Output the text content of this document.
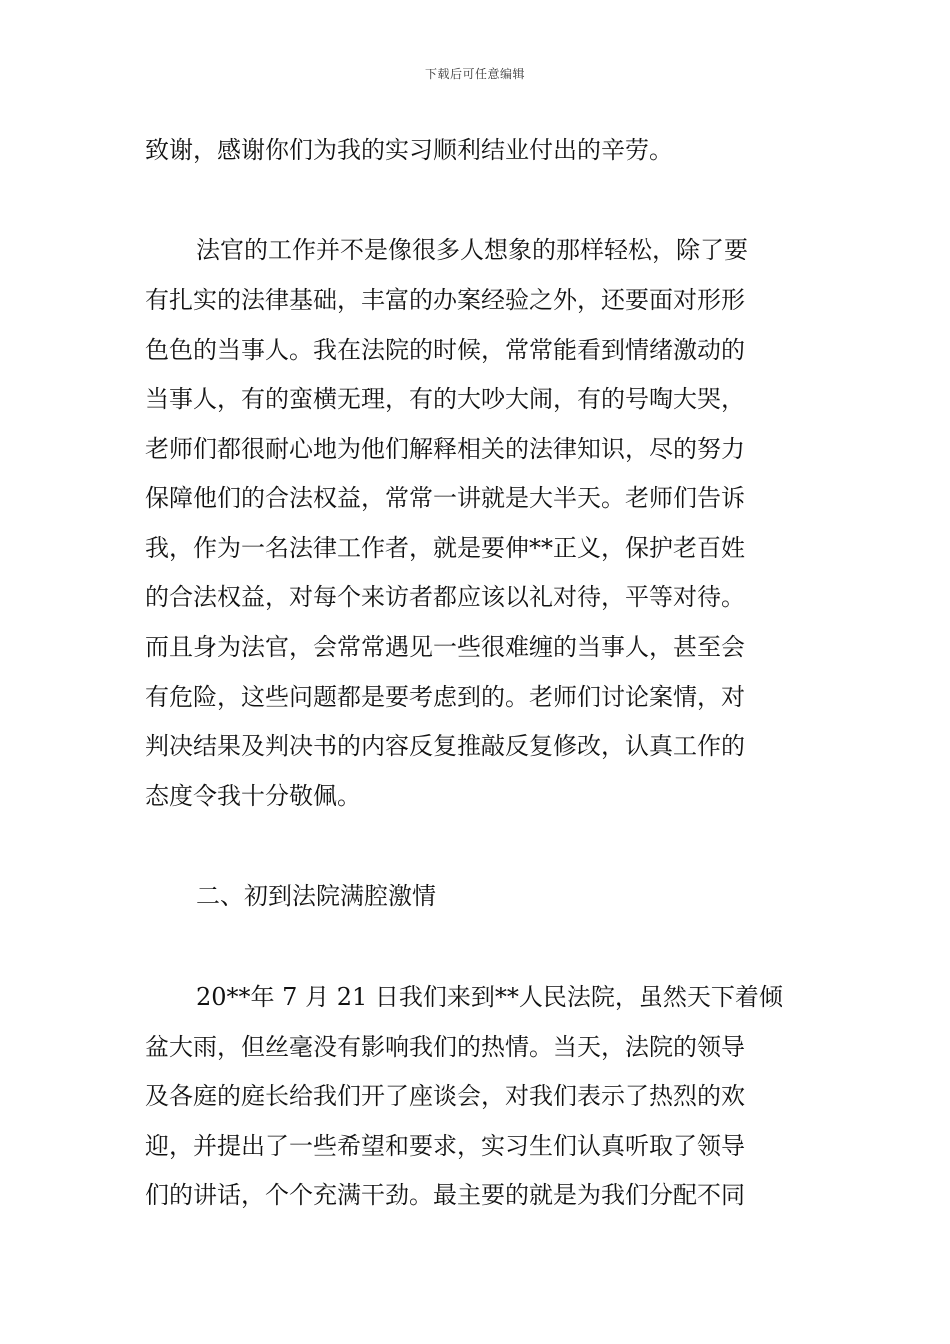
下载后可任意编辑
致谢，感谢你们为我的实习顺利结业付出的辛劳。
法官的工作并不是像很多人想象的那样轻松，除了要
有扎实的法律基础，丰富的办案经验之外，还要面对形形
色色的当事人。我在法院的时候，常常能看到情绪激动的
当事人，有的蛮横无理，有的大吵大闹，有的号啕大哭，
老师们都很耐心地为他们解释相关的法律知识，尽的努力
保障他们的合法权益，常常一讲就是大半天。老师们告诉
我，作为一名法律工作者，就是要伸**正义，保护老百姓
的合法权益，对每个来访者都应该以礼对待，平等对待。
而且身为法官，会常常遇见一些很难缠的当事人，甚至会
有危险，这些问题都是要考虑到的。老师们讨论案情，对
判决结果及判决书的内容反复推敲反复修改，认真工作的
态度令我十分敬佩。
二、初到法院满腔激情
20**年 7 月 21 日我们来到**人民法院，虽然天下着倾
盆大雨，但丝毫没有影响我们的热情。当天，法院的领导
及各庭的庭长给我们开了座谈会，对我们表示了热烈的欢
迎，并提出了一些希望和要求，实习生们认真听取了领导
们的讲话，个个充满干劲。最主要的就是为我们分配不同
